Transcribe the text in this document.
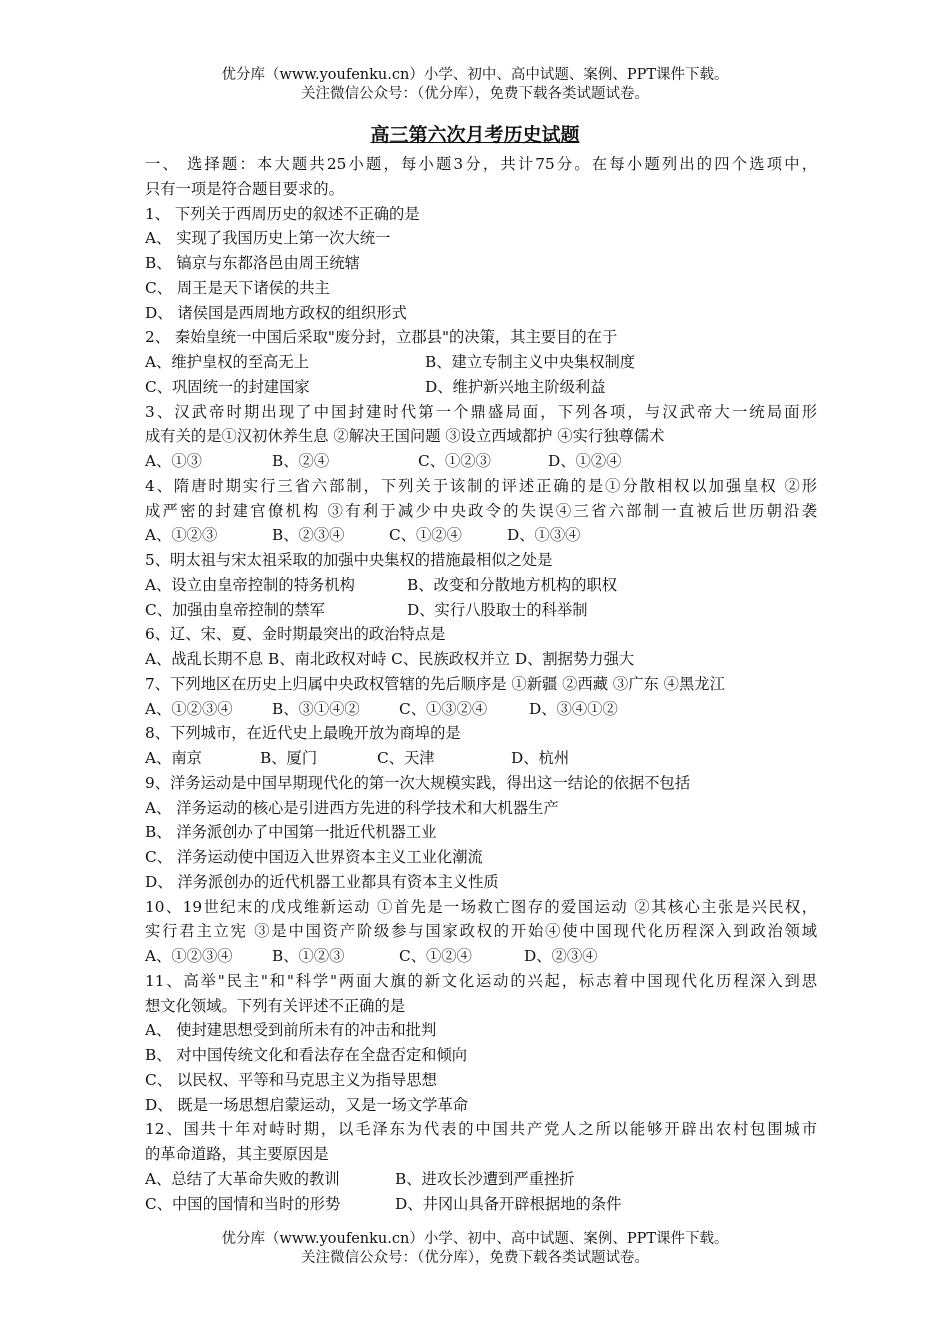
优分库（www.youfenku.cn）小学、初中、高中试题、案例、PPT课件下载。
关注微信公众号：（优分库），免费下载各类试题试卷。
高三第六次月考历史试题
一、 选择题：本大题共25小题，每小题3分，共计75分。在每小题列出的四个选项中，
只有一项是符合题目要求的。
1、 下列关于西周历史的叙述不正确的是
A、 实现了我国历史上第一次大统一
B、 镐京与东都洛邑由周王统辖
C、 周王是天下诸侯的共主
D、 诸侯国是西周地方政权的组织形式
2、 秦始皇统一中国后采取"废分封，立郡县"的决策，其主要目的在于
A、维护皇权的至高无上	B、建立专制主义中央集权制度
C、巩固统一的封建国家	D、维护新兴地主阶级利益
3、汉武帝时期出现了中国封建时代第一个鼎盛局面，下列各项，与汉武帝大一统局面形
成有关的是①汉初休养生息 ②解决王国问题 ③设立西域都护 ④实行独尊儒术
A、①③	B、②④	C、①②③	D、①②④
4、隋唐时期实行三省六部制，下列关于该制的评述正确的是①分散相权以加强皇权 ②形
成严密的封建官僚机构 ③有利于减少中央政令的失误④三省六部制一直被后世历朝沿袭
A、①②③	B、②③④	C、①②④	D、①③④
5、明太祖与宋太祖采取的加强中央集权的措施最相似之处是
A、设立由皇帝控制的特务机构	B、改变和分散地方机构的职权
C、加强由皇帝控制的禁军	D、实行八股取士的科举制
6、辽、宋、夏、金时期最突出的政治特点是
A、战乱长期不息 B、南北政权对峙 C、民族政权并立 D、割据势力强大
7、下列地区在历史上归属中央政权管辖的先后顺序是 ①新疆 ②西藏 ③广东 ④黑龙江
A、①②③④	B、③①④②	C、①③②④	D、③④①②
8、下列城市，在近代史上最晚开放为商埠的是
A、南京	B、厦门	C、天津	D、杭州
9、洋务运动是中国早期现代化的第一次大规模实践，得出这一结论的依据不包括
A、 洋务运动的核心是引进西方先进的科学技术和大机器生产
B、 洋务派创办了中国第一批近代机器工业
C、 洋务运动使中国迈入世界资本主义工业化潮流
D、 洋务派创办的近代机器工业都具有资本主义性质
10、19世纪末的戊戌维新运动 ①首先是一场救亡图存的爱国运动 ②其核心主张是兴民权，
实行君主立宪 ③是中国资产阶级参与国家政权的开始④使中国现代化历程深入到政治领域
A、①②③④	B、①②③	C、①②④	D、②③④
11、高举"民主"和"科学"两面大旗的新文化运动的兴起，标志着中国现代化历程深入到思
想文化领域。下列有关评述不正确的是
A、 使封建思想受到前所未有的冲击和批判
B、 对中国传统文化和看法存在全盘否定和倾向
C、 以民权、平等和马克思主义为指导思想
D、 既是一场思想启蒙运动，又是一场文学革命
12、国共十年对峙时期，以毛泽东为代表的中国共产党人之所以能够开辟出农村包围城市
的革命道路，其主要原因是
A、总结了大革命失败的教训	B、进攻长沙遭到严重挫折
C、中国的国情和当时的形势	D、井冈山具备开辟根据地的条件
优分库（www.youfenku.cn）小学、初中、高中试题、案例、PPT课件下载。
关注微信公众号：（优分库），免费下载各类试题试卷。
